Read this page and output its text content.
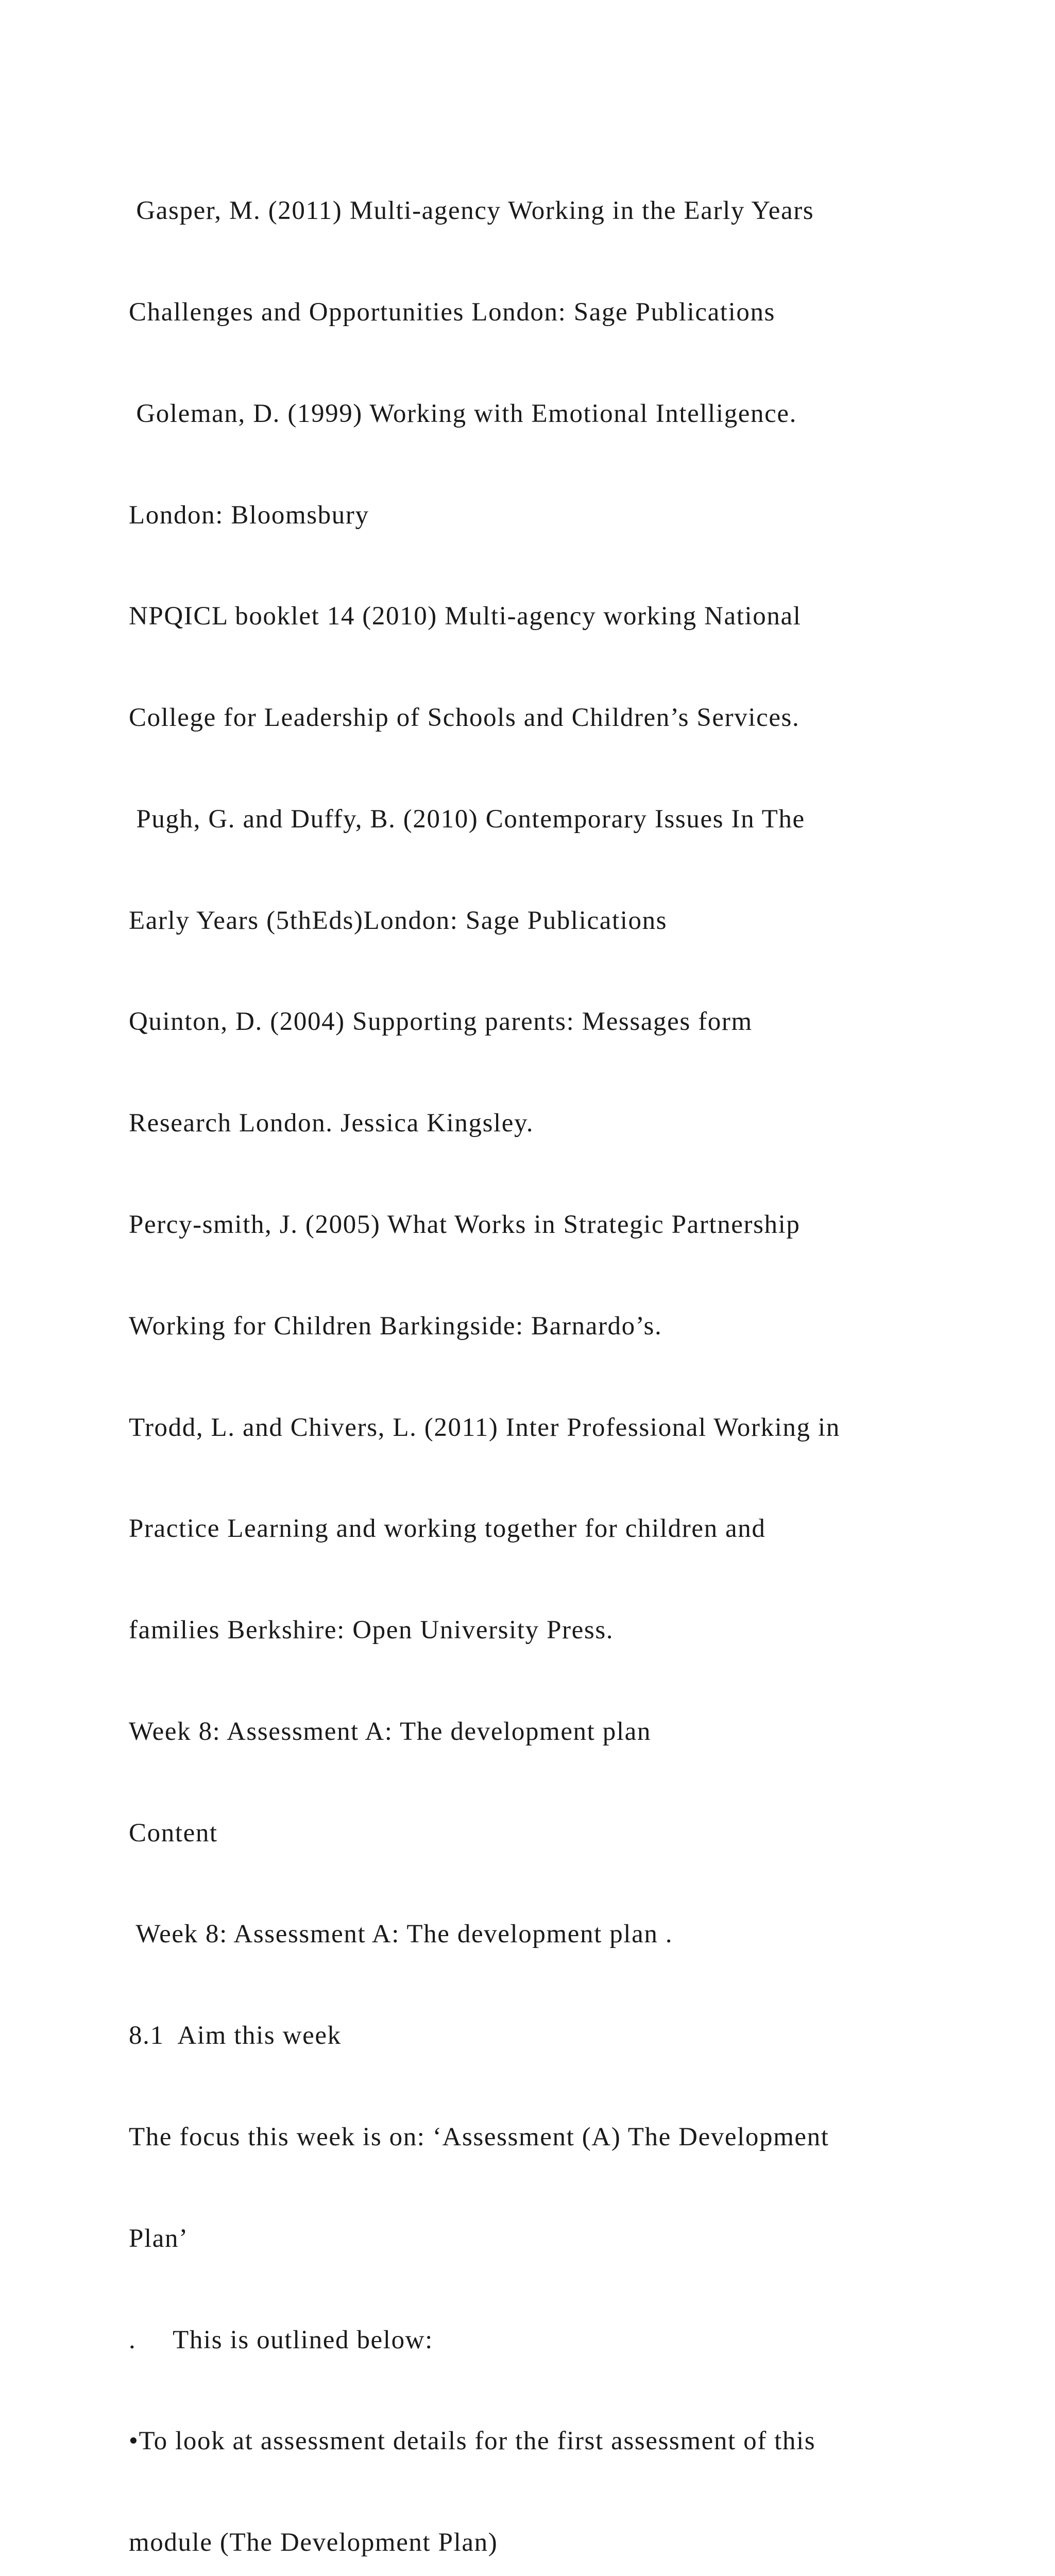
Gasper, M. (2011) Multi-agency Working in the Early Years

Challenges and Opportunities London: Sage Publications

Goleman, D. (1999) Working with Emotional Intelligence.

London: Bloomsbury

NPQICL booklet 14 (2010) Multi-agency working National

College for Leadership of Schools and Children’s Services.

Pugh, G. and Duffy, B. (2010) Contemporary Issues In The

Early Years (5thEds)London: Sage Publications

Quinton, D. (2004) Supporting parents: Messages form

Research London. Jessica Kingsley.

Percy-smith, J. (2005) What Works in Strategic Partnership

Working for Children Barkingside: Barnardo’s.

Trodd, L. and Chivers, L. (2011) Inter Professional Working in

Practice Learning and working together for children and

families Berkshire: Open University Press.

Week 8: Assessment A: The development plan

Content

Week 8: Assessment A: The development plan .

8.1  Aim this week

The focus this week is on: ‘Assessment (A) The Development

Plan’

.     This is outlined below:

•To look at assessment details for the first assessment of this

module (The Development Plan)
